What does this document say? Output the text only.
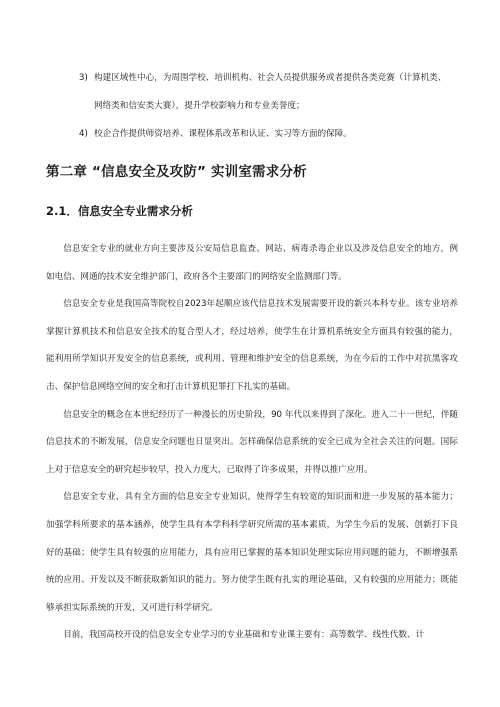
3) 构建区域性中心，为周围学校、培训机构、社会人员提供服务或者提供各类竞赛（计算机类、
网络类和信安类大赛），提升学校影响力和专业美誉度；
4) 校企合作提供师资培养、课程体系改革和认证、实习等方面的保障。
第二章 “信息安全及攻防” 实训室需求分析
2.1．信息安全专业需求分析

信息安全专业的就业方向主要涉及公安局信息监查、网站、病毒杀毒企业以及涉及信息安全的地方，例如电信、网通的技术安全维护部门，政府各个主要部门的网络安全监测部门等。

信息安全专业是我国高等院校自2023年起顺应该代信息技术发展需要开设的新兴本科专业。该专业培养掌握计算机技术和信息安全技术的复合型人才，经过培养，使学生在计算机系统安全方面具有较强的能力，能利用所学知识开发安全的信息系统，或利用、管理和维护安全的信息系统，为在今后的工作中对抗黑客攻击、保护信息网络空间的安全和打击计算机犯罪打下扎实的基础。

信息安全的概念在本世纪经历了一种漫长的历史阶段，90 年代以来得到了深化。进入二十一世纪，伴随信息技术的不断发展，信息安全问题也日显突出。怎样确保信息系统的安全已成为全社会关注的问题。国际上对于信息安全的研究起步较早，投入力度大，已取得了许多成果，并得以推广应用。

信息安全专业，具有全方面的信息安全专业知识，使得学生有较宽的知识面和进一步发展的基本能力；加强学科所要求的基本涵养，使学生具有本学科科学研究所需的基本素质，为学生今后的发展、创新打下良好的基础；使学生具有较强的应用能力，具有应用已掌握的基本知识处理实际应用问题的能力，不断增强系统的应用、开发以及不断获取新知识的能力。努力使学生既有扎实的理论基础，又有较强的应用能力；既能够承担实际系统的开发，又可进行科学研究。

目前，我国高校开设的信息安全专业学习的专业基础和专业课主要有：高等数学、线性代数、计
